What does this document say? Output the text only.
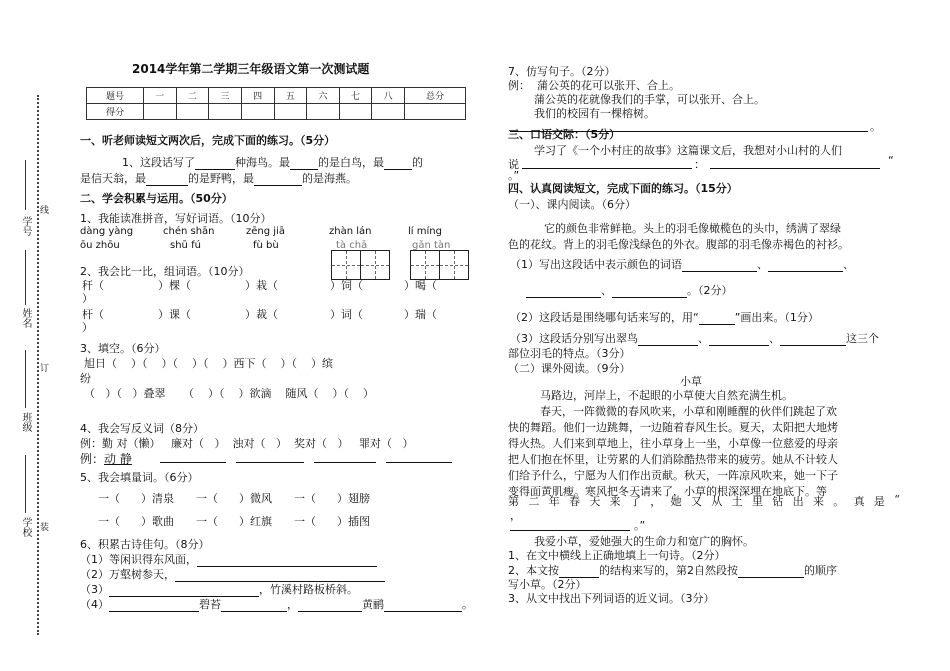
线
订
装
学号
姓名
班级
学校
2014学年第二学期三年级语文第一次测试题
题号	一	二	三	四	五	六	七	八	总分
得分									
一、听老师读短文两次后，完成下面的练习。（5分）
1、这段话写了	种海鸟。最	的是白鸟，最	的
是信天翁，最	的是野鸭，最	的是海燕。
二、学会积累与运用。（50分）
1、我能读准拼音，写好词语。（10分）
dàng yàng	chén shān	zēng jiā	zhàn lán	lí míng
ōu zhōu	shū fú	fù bù	tà chā	gǎn tàn
2、我会比一比，组词语。（10分）
秆（	）棵（	）栽（	）饲（	）喝（
）
杆（	）课（	）裁（	）词（	）瑞（
）
3、填空。（6分）
旭日（ ）（ ）（ ）（ ）西下（ ）（ ）缤
纷
（ ）（ ）叠翠 （ ）（ ）欲滴 随风（ ）（ ）
4、我会写反义词（8分）
例：勤 对（懒） 廉对（ ） 浊对（ ） 奖对（ ） 罪对（ ）
例：动 静
5、我会填量词。（6分）
一（ ）清泉 一（ ）微风 一（ ）翅膀
一（ ）歌曲 一（ ）红旗 一（ ）插图
6、积累古诗佳句。（8分）
（1）等闲识得东风面，
（2）万壑树参天，
（3）	，竹溪村路板桥斜。
（4）	碧苔	，	黄鹂	。
7、仿写句子。（2分）
例： 蒲公英的花可以张开、合上。
蒲公英的花就像我们的手掌，可以张开、合上。
我们的校园有一棵榕树。
。
三、口语交际：（5分）
学习了《一个小村庄的故事》这篇课文后，我想对小山村的人们
说	：	“
。”
四、认真阅读短文，完成下面的练习。（15分）
（一）、课内阅读。（6分）
它的颜色非常鲜艳。头上的羽毛像橄榄色的头巾，绣满了翠绿
色的花纹。背上的羽毛像浅绿色的外衣。腹部的羽毛像赤褐色的衬衫。
（1）写出这段话中表示颜色的词语	、	、
、	。（2分）
（2）这段话是围绕哪句话来写的，用“	”画出来。（1分）
（3）这段话分别写出翠鸟	、	、	这三个
部位羽毛的特点。（3分）
（二）课外阅读。（9分）
小草
马路边，河岸上，不起眼的小草使大自然充满生机。
春天，一阵微微的春风吹来，小草和刚睡醒的伙伴们跳起了欢
快的舞蹈。他们一边跳舞，一边随着春风生长。夏天，太阳把大地烤
得火热。人们来到草地上，往小草身上一坐，小草像一位慈爱的母亲
把人们抱在怀里，让劳累的人们消除酷热带来的疲劳。她从不计较人
们给予什么，宁愿为人们作出贡献。秋天，一阵凉风吹来，她一下子
变得面黄肌瘦。寒风把冬天请来了，小草的根深深埋在地底下。等
第 二 年 春 天 来 了 ， 她 又 从 土 里 钻 出 来 。 真 是 “
，
。”
我爱小草，爱她强大的生命力和宽广的胸怀。
1、在文中横线上正确地填上一句诗。（2分）
2、本文按	的结构来写的，第2自然段按	的顺序
写小草。（2分）
3、从文中找出下列词语的近义词。（3分）
